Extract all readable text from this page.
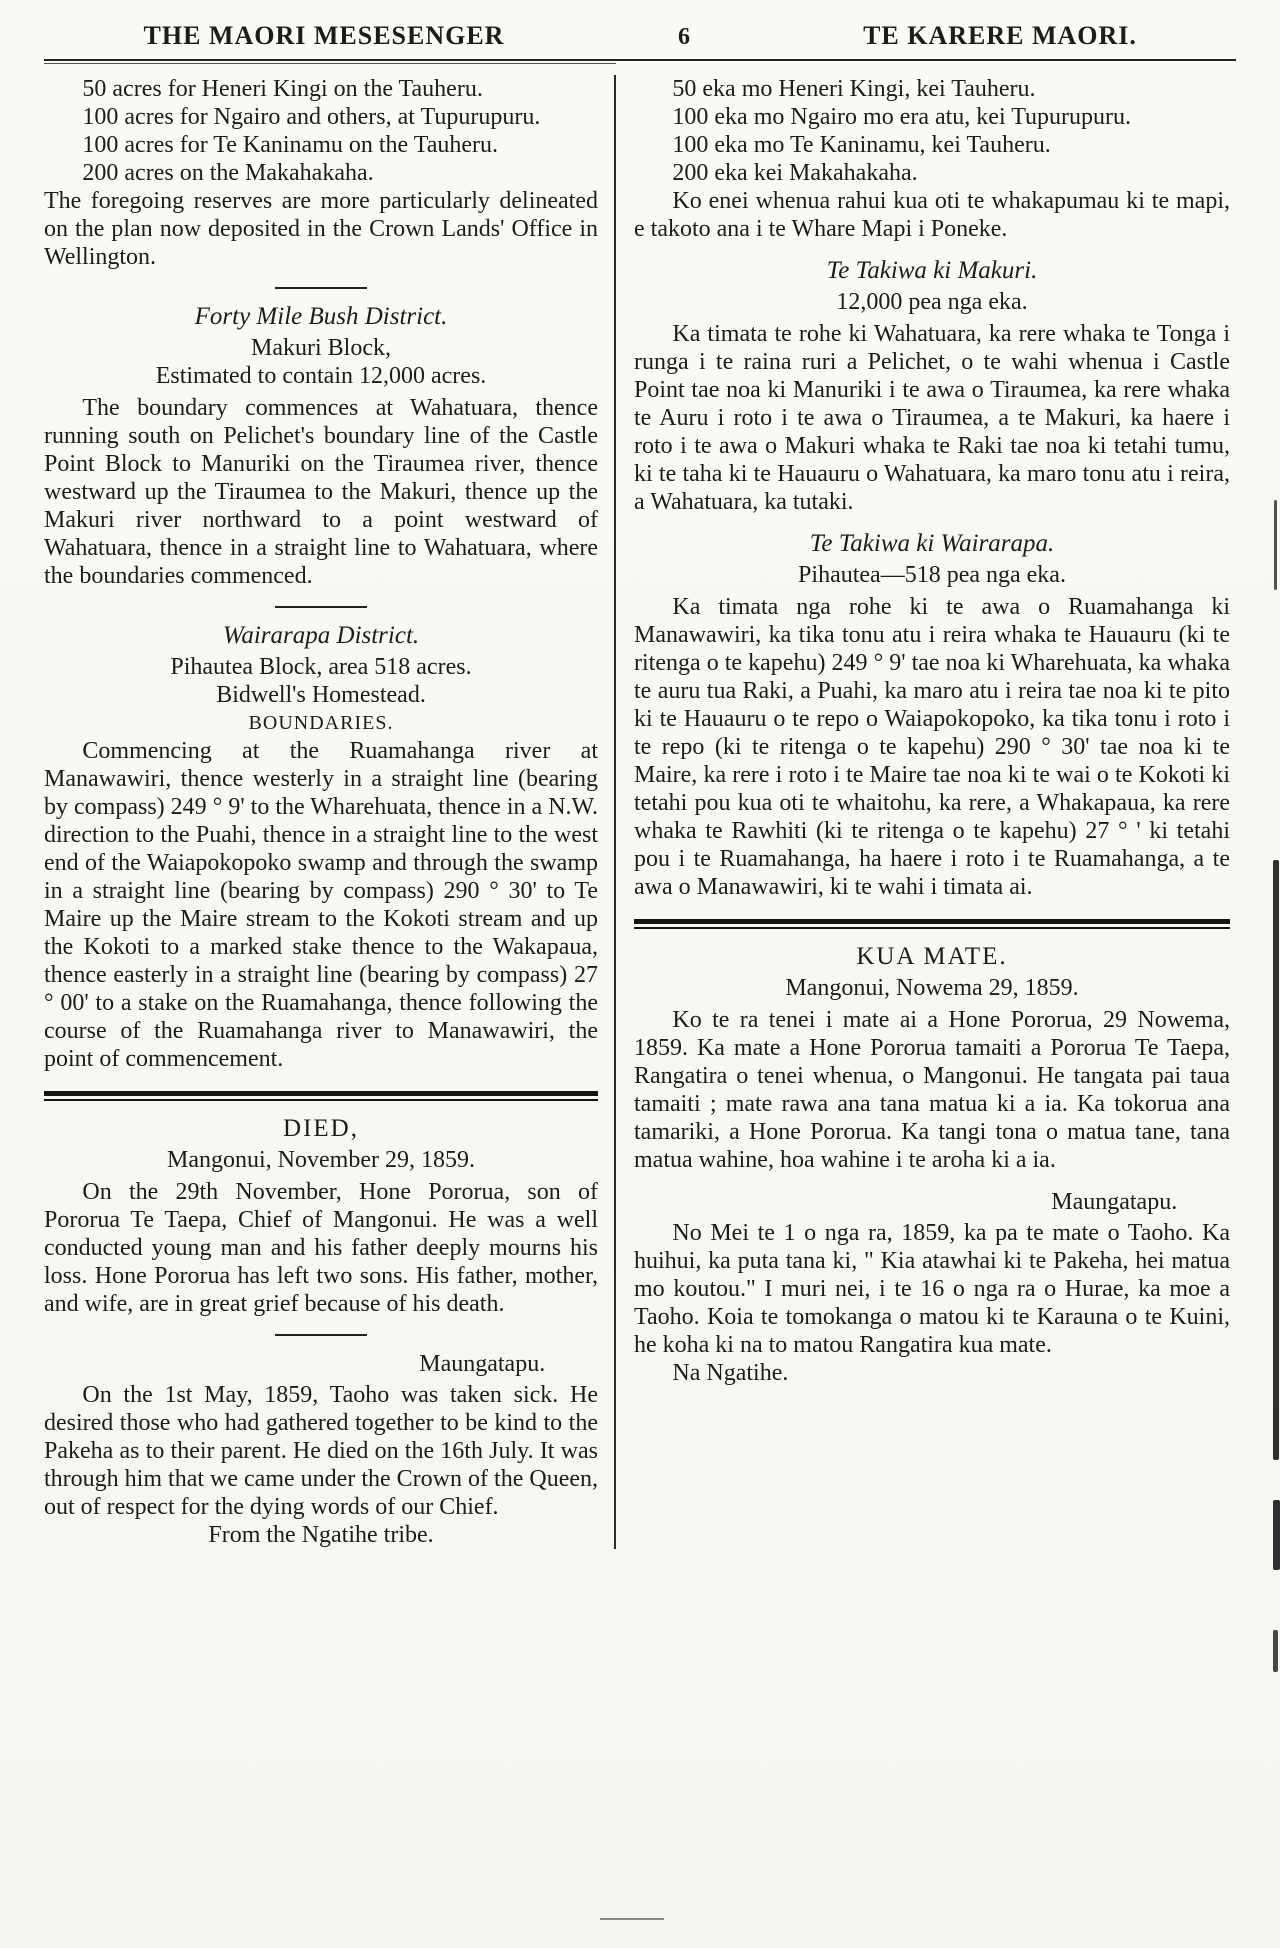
THE MAORI MESESENGER	6	TE KARERE MAORI.
50 acres for Heneri Kingi on the Tauheru.
100 acres for Ngairo and others, at Tupurupuru.
100 acres for Te Kaninamu on the Tauheru.
200 acres on the Makahakaha.
The foregoing reserves are more particularly delineated on the plan now deposited in the Crown Lands' Office in Wellington.
Forty Mile Bush District.
Makuri Block,
Estimated to contain 12,000 acres.
The boundary commences at Wahatuara, thence running south on Pelichet's boundary line of the Castle Point Block to Manuriki on the Tiraumea river, thence westward up the Tiraumea to the Makuri, thence up the Makuri river northward to a point westward of Wahatuara, thence in a straight line to Wahatuara, where the boundaries commenced.
Wairarapa District.
Pihautea Block, area 518 acres.
Bidwell's Homestead.
BOUNDARIES.
Commencing at the Ruamahanga river at Manawawiri, thence westerly in a straight line (bearing by compass) 249 ° 9' to the Wharehuata, thence in a N.W. direction to the Puahi, thence in a straight line to the west end of the Waiapokopoko swamp and through the swamp in a straight line (bearing by compass) 290 ° 30' to Te Maire up the Maire stream to the Kokoti stream and up the Kokoti to a marked stake thence to the Wakapaua, thence easterly in a straight line (bearing by compass) 27 ° 00' to a stake on the Ruamahanga, thence following the course of the Ruamahanga river to Manawawiri, the point of commencement.
DIED,
Mangonui, November 29, 1859.
On the 29th November, Hone Pororua, son of Pororua Te Taepa, Chief of Mangonui. He was a well conducted young man and his father deeply mourns his loss. Hone Pororua has left two sons. His father, mother, and wife, are in great grief because of his death.
Maungatapu.
On the 1st May, 1859, Taoho was taken sick. He desired those who had gathered together to be kind to the Pakeha as to their parent. He died on the 16th July. It was through him that we came under the Crown of the Queen, out of respect for the dying words of our Chief.
From the Ngatihe tribe.
50 eka mo Heneri Kingi, kei Tauheru.
100 eka mo Ngairo mo era atu, kei Tupurupuru.
100 eka mo Te Kaninamu, kei Tauheru.
200 eka kei Makahakaha.
Ko enei whenua rahui kua oti te whakapumau ki te mapi, e takoto ana i te Whare Mapi i Poneke.
Te Takiwa ki Makuri.
12,000 pea nga eka.
Ka timata te rohe ki Wahatuara, ka rere whaka te Tonga i runga i te raina ruri a Pelichet, o te wahi whenua i Castle Point tae noa ki Manuriki i te awa o Tiraumea, ka rere whaka te Auru i roto i te awa o Tiraumea, a te Makuri, ka haere i roto i te awa o Makuri whaka te Raki tae noa ki tetahi tumu, ki te taha ki te Hauauru o Wahatuara, ka maro tonu atu i reira, a Wahatuara, ka tutaki.
Te Takiwa ki Wairarapa.
Pihautea—518 pea nga eka.
Ka timata nga rohe ki te awa o Ruamahanga ki Manawawiri, ka tika tonu atu i reira whaka te Hauauru (ki te ritenga o te kapehu) 249 ° 9' tae noa ki Wharehuata, ka whaka te auru tua Raki, a Puahi, ka maro atu i reira tae noa ki te pito ki te Hauauru o te repo o Waiapokopoko, ka tika tonu i roto i te repo (ki te ritenga o te kapehu) 290 ° 30' tae noa ki te Maire, ka rere i roto i te Maire tae noa ki te wai o te Kokoti ki tetahi pou kua oti te whaitohu, ka rere, a Whakapaua, ka rere whaka te Rawhiti (ki te ritenga o te kapehu) 27 ° ' ki tetahi pou i te Ruamahanga, ha haere i roto i te Ruamahanga, a te awa o Manawawiri, ki te wahi i timata ai.
KUA MATE.
Mangonui, Nowema 29, 1859.
Ko te ra tenei i mate ai a Hone Pororua, 29 Nowema, 1859. Ka mate a Hone Pororua tamaiti a Pororua Te Taepa, Rangatira o tenei whenua, o Mangonui. He tangata pai taua tamaiti ; mate rawa ana tana matua ki a ia. Ka tokorua ana tamariki, a Hone Pororua. Ka tangi tona o matua tane, tana matua wahine, hoa wahine i te aroha ki a ia.
Maungatapu.
No Mei te 1 o nga ra, 1859, ka pa te mate o Taoho. Ka huihui, ka puta tana ki, " Kia atawhai ki te Pakeha, hei matua mo koutou." I muri nei, i te 16 o nga ra o Hurae, ka moe a Taoho. Koia te tomokanga o matou ki te Karauna o te Kuini, he koha ki na to matou Rangatira kua mate.
Na Ngatihe.
